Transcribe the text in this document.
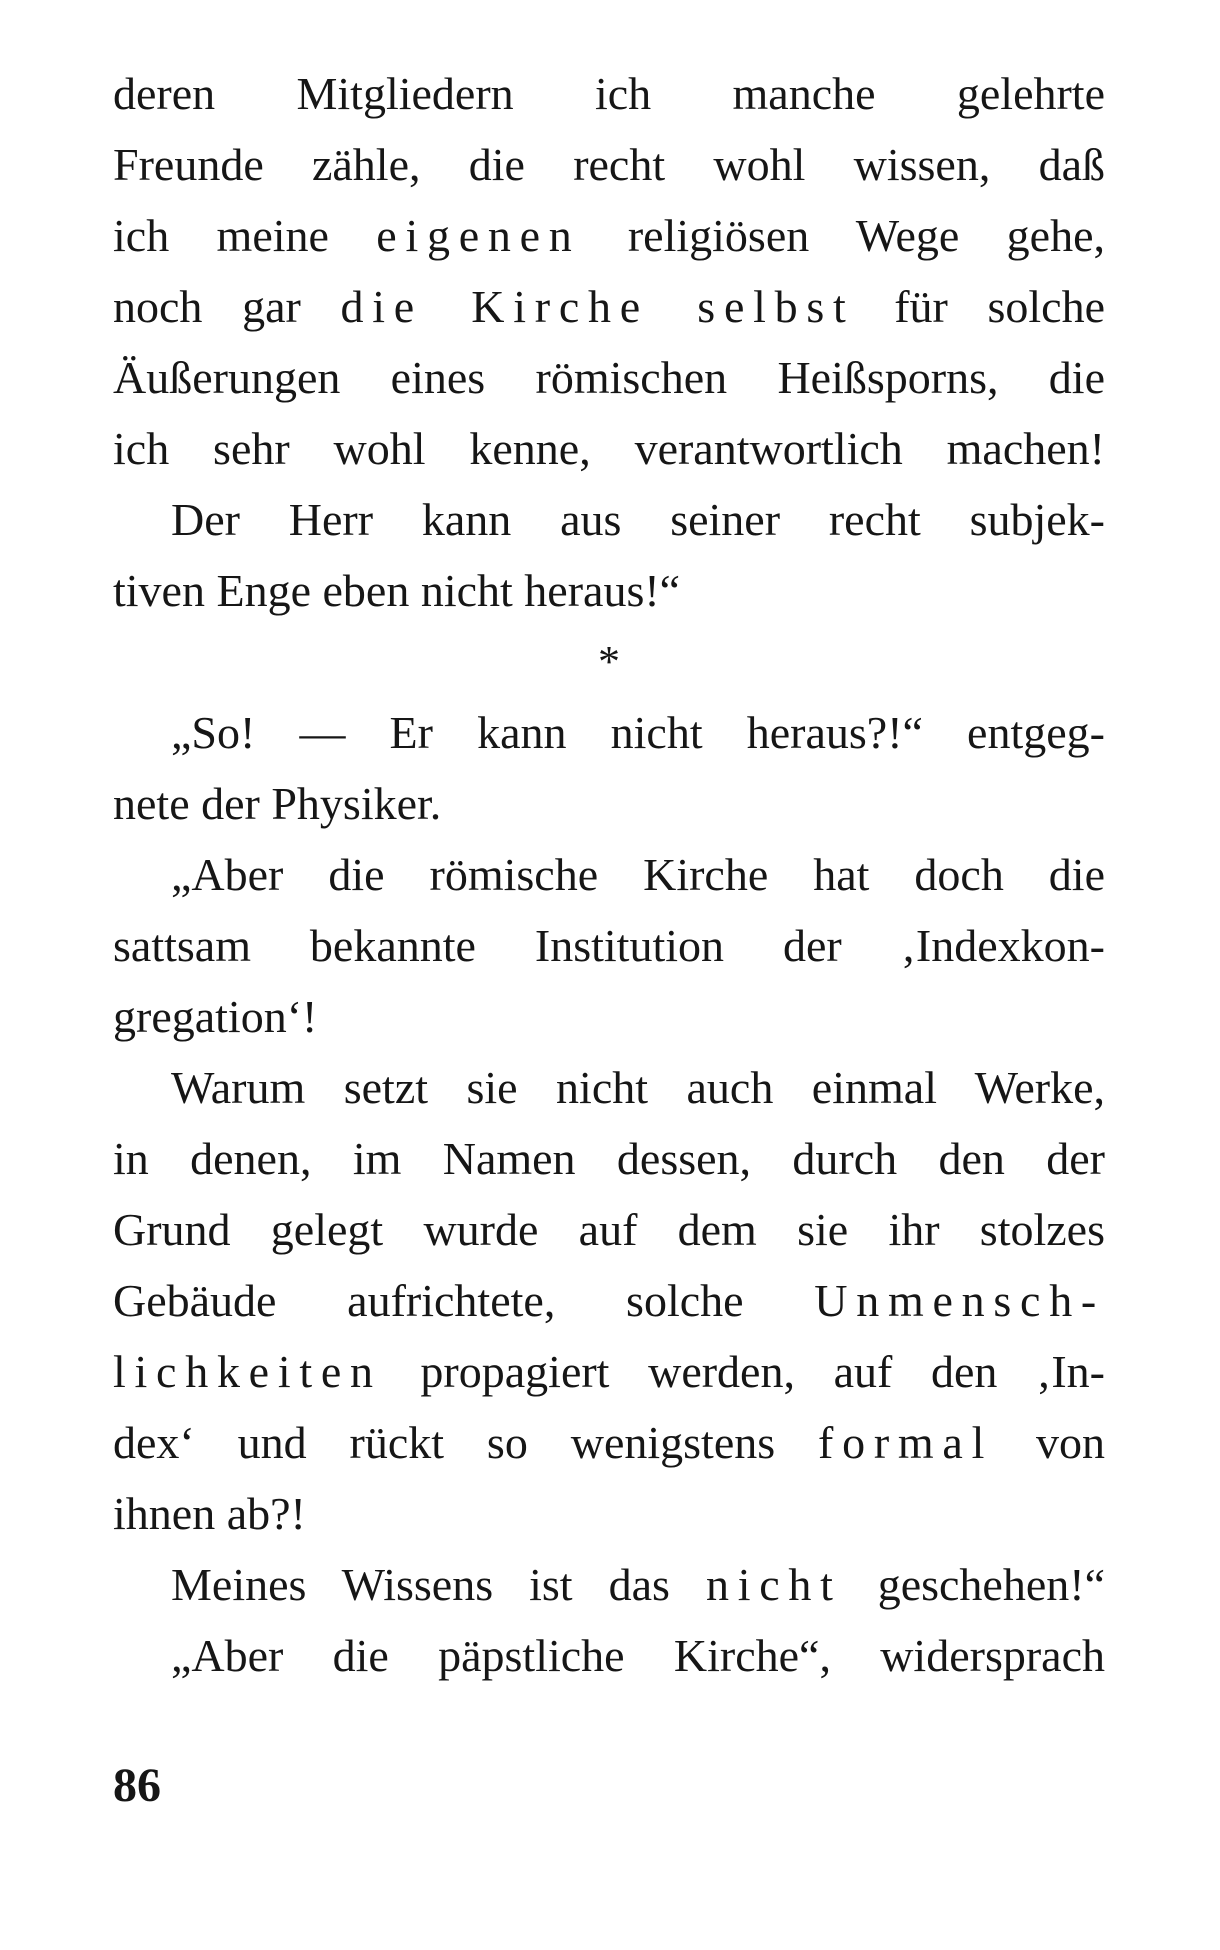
deren Mitgliedern ich manche gelehrte
Freunde zähle, die recht wohl wissen, daß
ich meine eigenen religiösen Wege gehe,
noch gar die Kirche selbst für solche
Äußerungen eines römischen Heißsporns, die
ich sehr wohl kenne, verantwortlich machen!
Der Herr kann aus seiner recht subjek-
tiven Enge eben nicht heraus!“
*
„So! — Er kann nicht heraus?!“ entgeg-
nete der Physiker.
„Aber die römische Kirche hat doch die
sattsam bekannte Institution der ‚Indexkon-
gregation‘!
Warum setzt sie nicht auch einmal Werke,
in denen, im Namen dessen, durch den der
Grund gelegt wurde auf dem sie ihr stolzes
Gebäude aufrichtete, solche Unmensch-
lichkeiten propagiert werden, auf den ‚In-
dex‘ und rückt so wenigstens formal von
ihnen ab?!
Meines Wissens ist das nicht geschehen!“
„Aber die päpstliche Kirche“, widersprach
86
